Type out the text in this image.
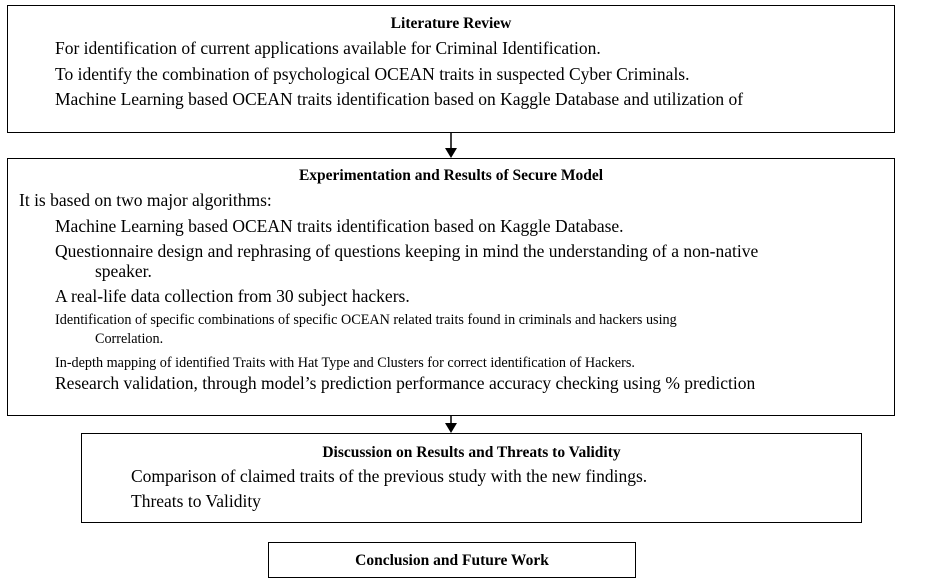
Literature Review
For identification of current applications available for Criminal Identification.
To identify the combination of psychological OCEAN traits in suspected Cyber Criminals.
Machine Learning based OCEAN traits identification based on Kaggle Database and utilization of
Experimentation and Results of Secure Model
It is based on two major algorithms:
Machine Learning based OCEAN traits identification based on Kaggle Database.
Questionnaire design and rephrasing of questions keeping in mind the understanding of a non-native
speaker.
A real-life data collection from 30 subject hackers.
Identification of specific combinations of specific OCEAN related traits found in criminals and hackers using
Correlation.
In-depth mapping of identified Traits with Hat Type and Clusters for correct identification of Hackers.
Research validation, through model’s prediction performance accuracy checking using % prediction
Discussion on Results and Threats to Validity
Comparison of claimed traits of the previous study with the new findings.
Threats to Validity
Conclusion and Future Work
